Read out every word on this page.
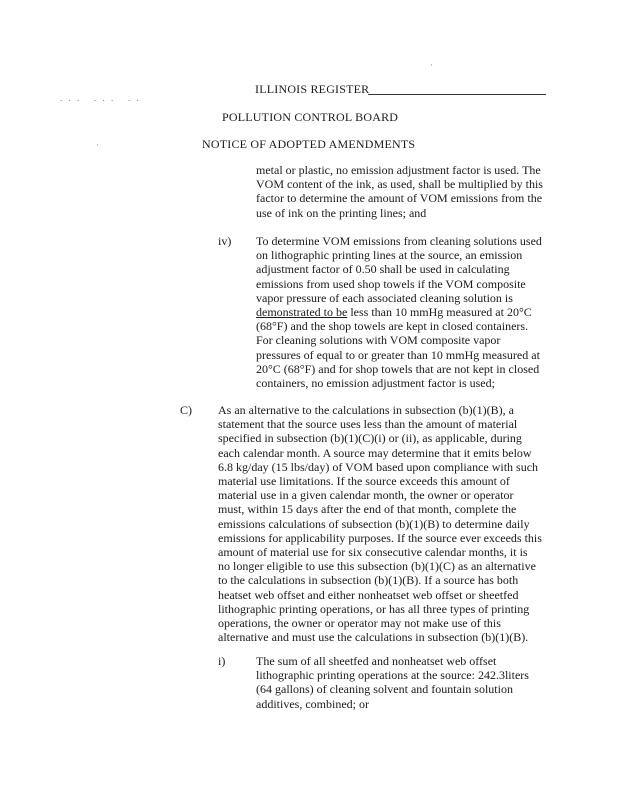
. . .   . . .   . .
·
·
ILLINOIS REGISTER
POLLUTION CONTROL BOARD
NOTICE OF ADOPTED AMENDMENTS
metal or plastic, no emission adjustment factor is used. The
VOM content of the ink, as used, shall be multiplied by this
factor to determine the amount of VOM emissions from the
use of ink on the printing lines; and
iv) To determine VOM emissions from cleaning solutions used
on lithographic printing lines at the source, an emission
adjustment factor of 0.50 shall be used in calculating
emissions from used shop towels if the VOM composite
vapor pressure of each associated cleaning solution is
demonstrated to be less than 10 mmHg measured at 20°C
(68°F) and the shop towels are kept in closed containers.
For cleaning solutions with VOM composite vapor
pressures of equal to or greater than 10 mmHg measured at
20°C (68°F) and for shop towels that are not kept in closed
containers, no emission adjustment factor is used;
C) As an alternative to the calculations in subsection (b)(1)(B), a
statement that the source uses less than the amount of material
specified in subsection (b)(1)(C)(i) or (ii), as applicable, during
each calendar month. A source may determine that it emits below
6.8 kg/day (15 lbs/day) of VOM based upon compliance with such
material use limitations. If the source exceeds this amount of
material use in a given calendar month, the owner or operator
must, within 15 days after the end of that month, complete the
emissions calculations of subsection (b)(1)(B) to determine daily
emissions for applicability purposes. If the source ever exceeds this
amount of material use for six consecutive calendar months, it is
no longer eligible to use this subsection (b)(1)(C) as an alternative
to the calculations in subsection (b)(1)(B). If a source has both
heatset web offset and either nonheatset web offset or sheetfed
lithographic printing operations, or has all three types of printing
operations, the owner or operator may not make use of this
alternative and must use the calculations in subsection (b)(1)(B).
i)	The sum of all sheetfed and nonheatset web offset
lithographic printing operations at the source: 242.3liters
(64 gallons) of cleaning solvent and fountain solution
additives, combined; or
